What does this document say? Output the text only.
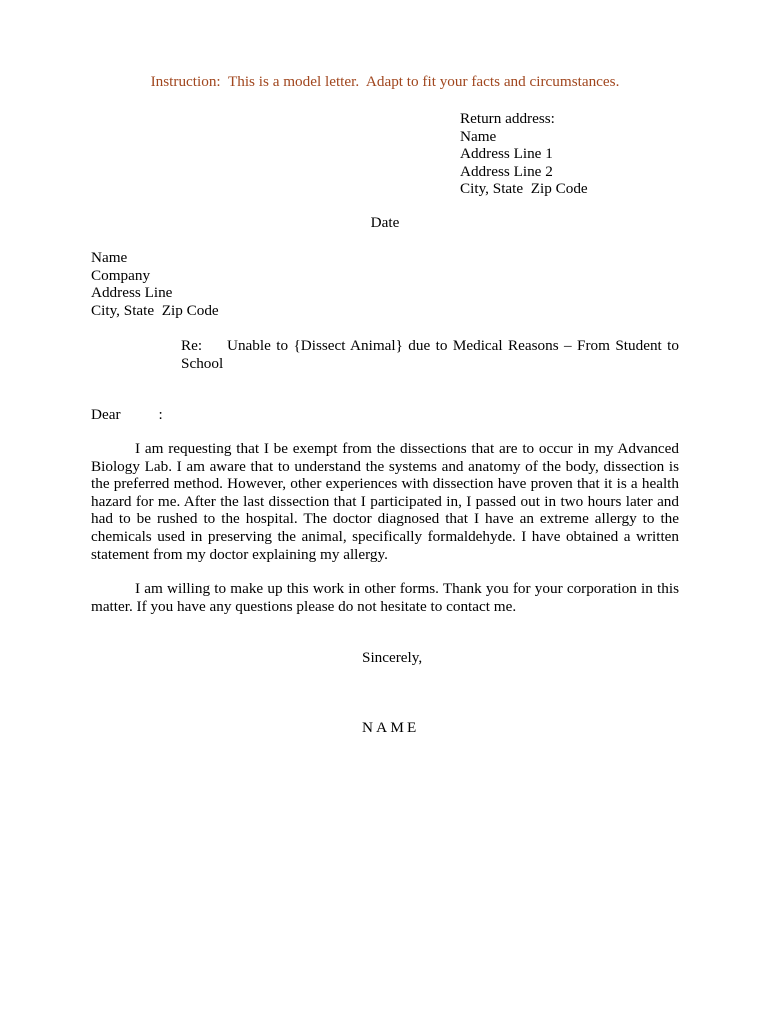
Instruction:  This is a model letter.  Adapt to fit your facts and circumstances.
Return address:
Name
Address Line 1
Address Line 2
City, State  Zip Code
Date
Name
Company
Address Line
City, State  Zip Code
Re: Unable to {Dissect Animal} due to Medical Reasons – From Student to School
Dear          :

I am requesting that I be exempt from the dissections that are to occur in my Advanced Biology Lab. I am aware that to understand the systems and anatomy of the body, dissection is the preferred method. However, other experiences with dissection have proven that it is a health hazard for me. After the last dissection that I participated in, I passed out in two hours later and had to be rushed to the hospital. The doctor diagnosed that I have an extreme allergy to the chemicals used in preserving the animal, specifically formaldehyde. I have obtained a written statement from my doctor explaining my allergy.

I am willing to make up this work in other forms. Thank you for your corporation in this matter. If you have any questions please do not hesitate to contact me.

Sincerely,
NAME
